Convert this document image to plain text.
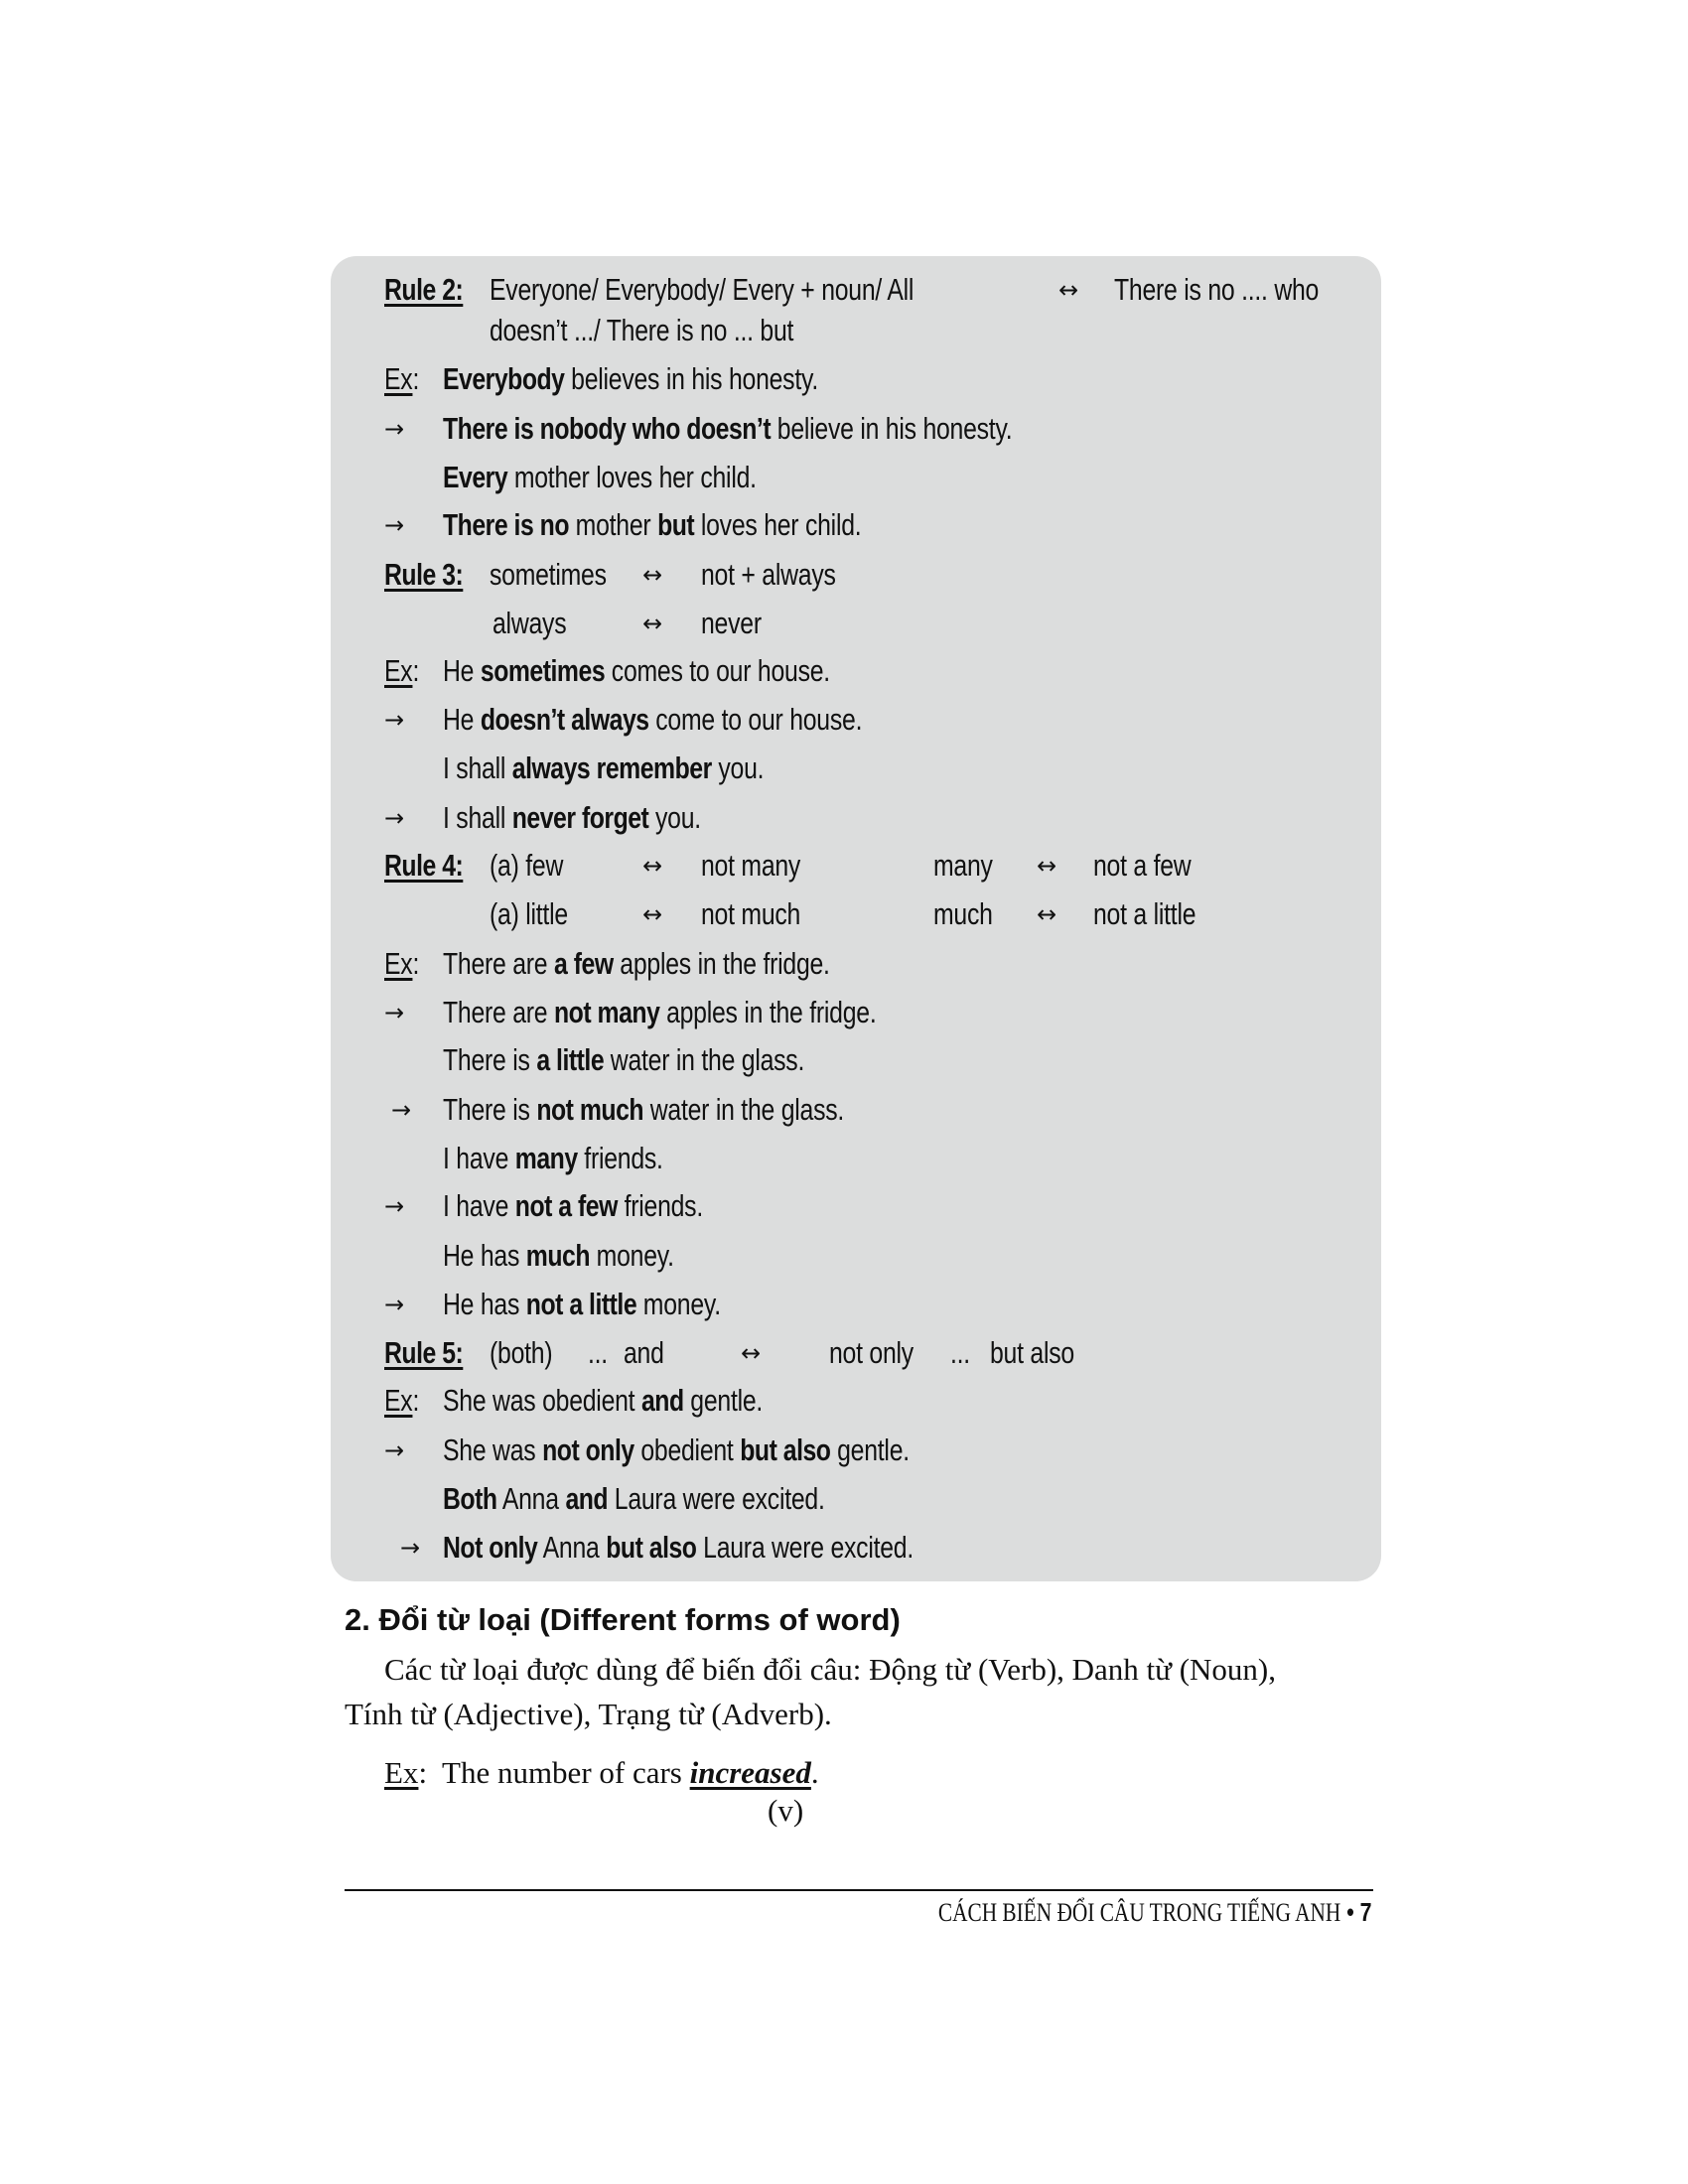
Rule 2: Everyone/ Everybody/ Every + noun/ All	↔ There is no .... who
doesn’t .../ There is no ... but
Ex: Everybody believes in his honesty.
→ There is nobody who doesn’t believe in his honesty.
Every mother loves her child.
→ There is no mother but loves her child.
Rule 3: sometimes ↔ not + always
always	↔ never
Ex: He sometimes comes to our house.
→ He doesn’t always come to our house.
I shall always remember you.
→ I shall never forget you.
Rule 4: (a) few	↔ not many	many ↔ not a few
(a) little	↔ not much	much ↔ not a little
Ex: There are a few apples in the fridge.
→ There are not many apples in the fridge.
There is a little water in the glass.
→ There is not much water in the glass.
I have many friends.
→ I have not a few friends.
He has much money.
→ He has not a little money.
Rule 5: (both) ... and	↔ not only ... but also
Ex: She was obedient and gentle.
→ She was not only obedient but also gentle.
Both Anna and Laura were excited.
→ Not only Anna but also Laura were excited.
2. Đổi từ loại (Different forms of word)
Các từ loại được dùng để biến đổi câu: Động từ (Verb), Danh từ (Noun),
Tính từ (Adjective), Trạng từ (Adverb).
Ex:  The number of cars increased.
(v)
CÁCH BIẾN ĐỔI CÂU TRONG TIẾNG ANH • 7
